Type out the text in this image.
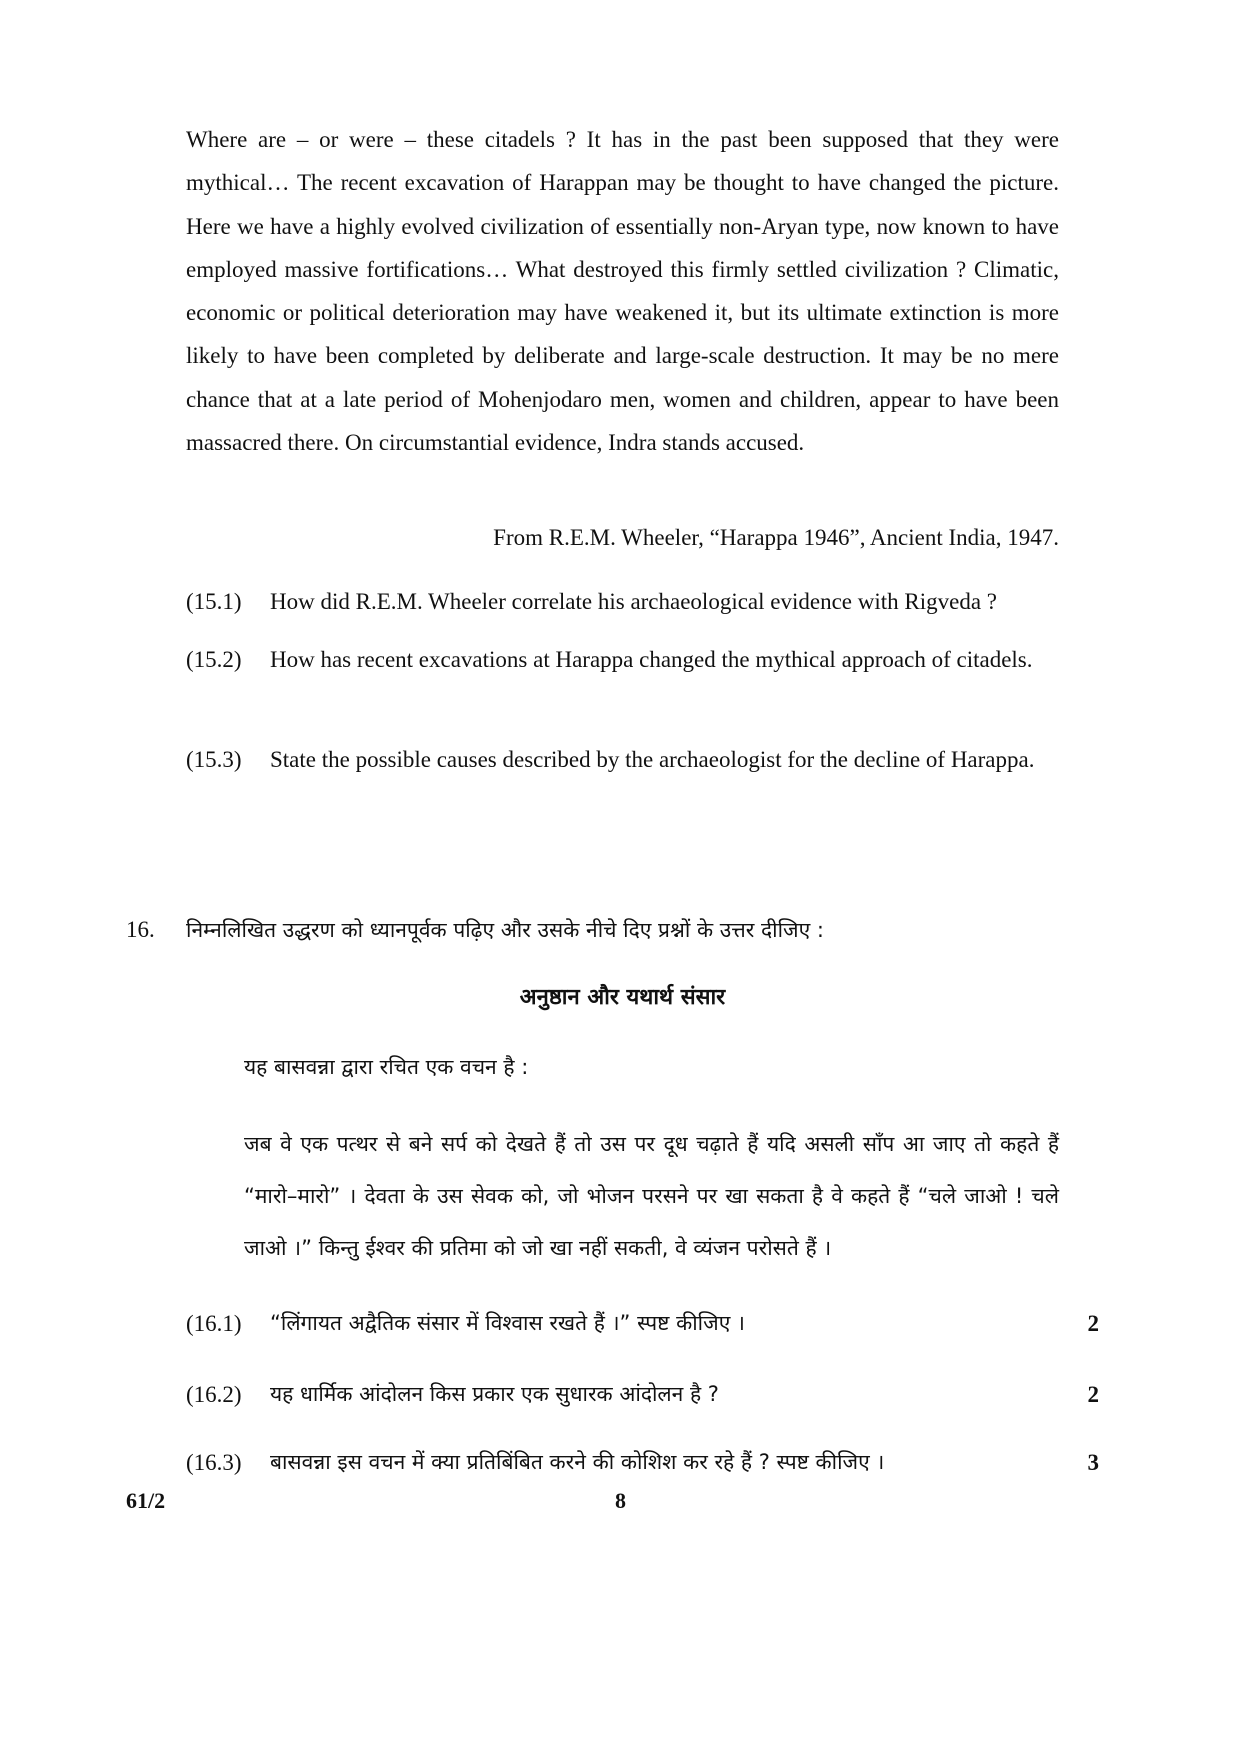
Where are – or were – these citadels ? It has in the past been supposed that they were mythical… The recent excavation of Harappan may be thought to have changed the picture. Here we have a highly evolved civilization of essentially non-Aryan type, now known to have employed massive fortifications… What destroyed this firmly settled civilization ? Climatic, economic or political deterioration may have weakened it, but its ultimate extinction is more likely to have been completed by deliberate and large-scale destruction. It may be no mere chance that at a late period of Mohenjodaro men, women and children, appear to have been massacred there. On circumstantial evidence, Indra stands accused.

From R.E.M. Wheeler, “Harappa 1946”, Ancient India, 1947.

(15.1)	How did R.E.M. Wheeler correlate his archaeological evidence with Rigveda ?
(15.2)	How has recent excavations at Harappa changed the mythical approach of citadels.
(15.3)	State the possible causes described by the archaeologist for the decline of Harappa.
16. निम्नलिखित उद्धरण को ध्यानपूर्वक पढ़िए और उसके नीचे दिए प्रश्नों के उत्तर दीजिए :
अनुष्ठान और यथार्थ संसार
यह बासवन्ना द्वारा रचित एक वचन है :

जब वे एक पत्थर से बने सर्प को देखते हैं तो उस पर दूध चढ़ाते हैं यदि असली साँप आ जाए तो कहते हैं “मारो–मारो” । देवता के उस सेवक को, जो भोजन परसने पर खा सकता है वे कहते हैं “चले जाओ ! चले जाओ ।” किन्तु ईश्वर की प्रतिमा को जो खा नहीं सकती, वे व्यंजन परोसते हैं ।

(16.1)	“लिंगायत अद्वैतिक संसार में विश्वास रखते हैं ।” स्पष्ट कीजिए ।	2
(16.2)	यह धार्मिक आंदोलन किस प्रकार एक सुधारक आंदोलन है ?	2
(16.3)	बासवन्ना इस वचन में क्या प्रतिबिंबित करने की कोशिश कर रहे हैं ? स्पष्ट कीजिए ।	3
61/2	8
